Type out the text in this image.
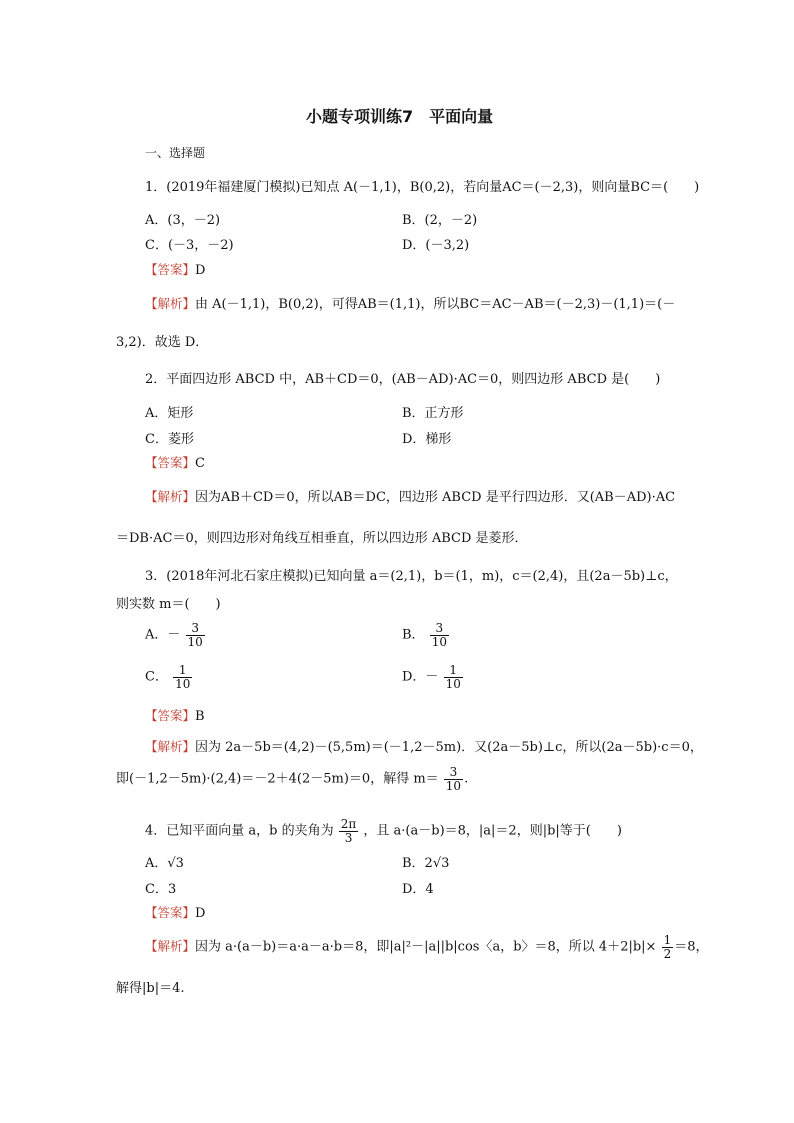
小题专项训练7　平面向量
一、选择题
1．(2019年福建厦门模拟)已知点 A(－1,1)，B(0,2)，若向量AC＝(－2,3)，则向量BC＝(　　)
A．(3，－2)	B．(2，－2)
C．(－3，－2)	D．(－3,2)
【答案】D
【解析】由 A(－1,1)，B(0,2)，可得AB＝(1,1)，所以BC＝AC－AB＝(－2,3)－(1,1)＝(－
3,2)．故选 D．
2．平面四边形 ABCD 中，AB＋CD＝0，(AB－AD)·AC＝0，则四边形 ABCD 是(　　)
A．矩形	B．正方形
C．菱形	D．梯形
【答案】C
【解析】因为AB＋CD＝0，所以AB＝DC，四边形 ABCD 是平行四边形．又(AB－AD)·AC
＝DB·AC＝0，则四边形对角线互相垂直，所以四边形 ABCD 是菱形．
3．(2018年河北石家庄模拟)已知向量 a＝(2,1)，b＝(1，m)，c＝(2,4)，且(2a－5b)⊥c，
则实数 m＝(　　)
A．－ $\frac{3}{10}$	B． $\frac{3}{10}$
C． $\frac{1}{10}$	D．－ $\frac{1}{10}$
【答案】B
【解析】因为 2a－5b＝(4,2)－(5,5m)＝(－1,2－5m)．又(2a－5b)⊥c，所以(2a－5b)·c＝0，
即(－1,2－5m)·(2,4)＝－2＋4(2－5m)＝0，解得 $m= \frac{3}{10}$ .
4．已知平面向量 a，b 的夹角为 $\frac{2\pi}{3}$ ，且 a·(a－b)＝8，|a|＝2，则|b|等于(　　)
A．√3	B．2√3
C．3	D．4
【答案】D
【解析】因为 a·(a－b)＝a·a－a·b＝8，即|a|²－|a||b|cos〈a，b〉＝8，所以 $4+2|b|\times \frac{1}{2} =8$，
解得|b|＝4.
